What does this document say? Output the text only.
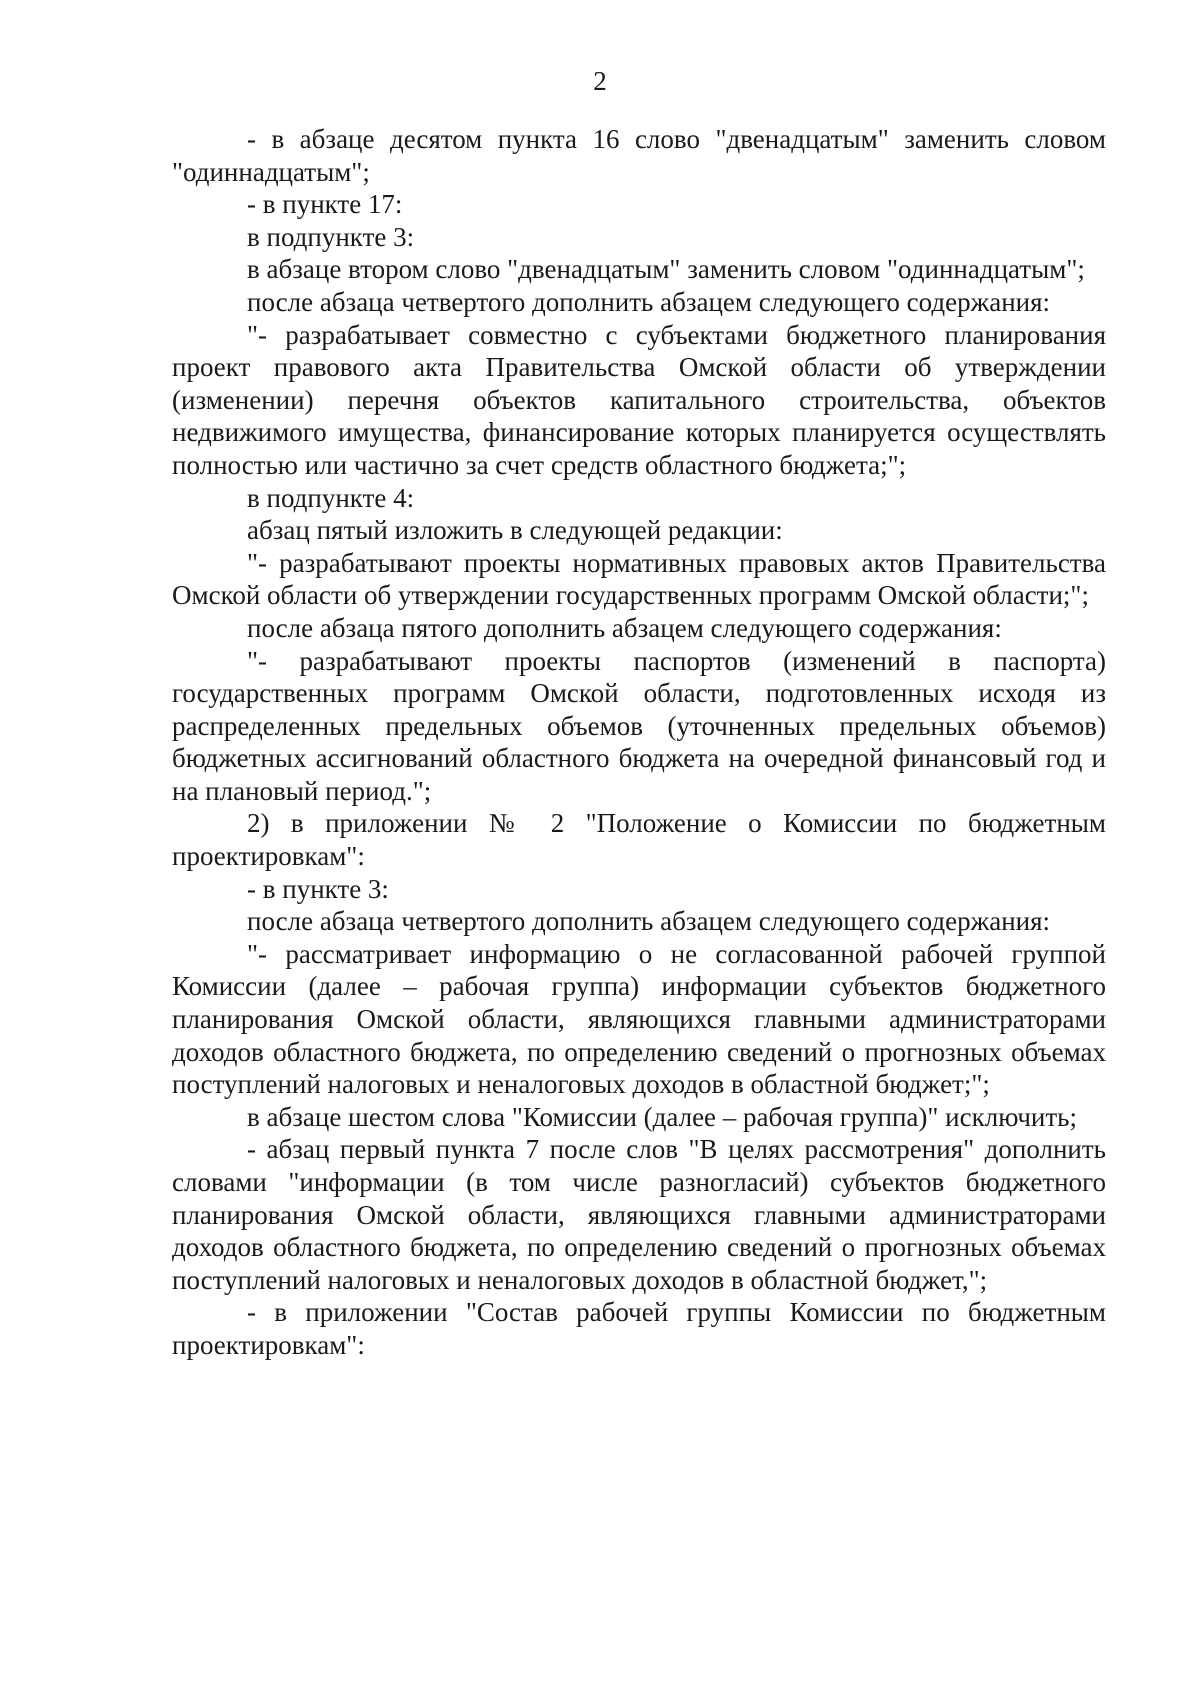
2

- в абзаце десятом пункта 16 слово "двенадцатым" заменить словом "одиннадцатым";

- в пункте 17:

в подпункте 3:

в абзаце втором слово "двенадцатым" заменить словом "одиннадцатым";

после абзаца четвертого дополнить абзацем следующего содержания:

"- разрабатывает совместно с субъектами бюджетного планирования проект правового акта Правительства Омской области об утверждении (изменении) перечня объектов капитального строительства, объектов недвижимого имущества, финансирование которых планируется осуществлять полностью или частично за счет средств областного бюджета;";

в подпункте 4:

абзац пятый изложить в следующей редакции:

"- разрабатывают проекты нормативных правовых актов Правительства Омской области об утверждении государственных программ Омской области;";

после абзаца пятого дополнить абзацем следующего содержания:

"- разрабатывают проекты паспортов (изменений в паспорта) государственных программ Омской области, подготовленных исходя из распределенных предельных объемов (уточненных предельных объемов) бюджетных ассигнований областного бюджета на очередной финансовый год и на плановый период.";

2) в приложении № 2 "Положение о Комиссии по бюджетным проектировкам":

- в пункте 3:

после абзаца четвертого дополнить абзацем следующего содержания:

"- рассматривает информацию о не согласованной рабочей группой Комиссии (далее – рабочая группа) информации субъектов бюджетного планирования Омской области, являющихся главными администраторами доходов областного бюджета, по определению сведений о прогнозных объемах поступлений налоговых и неналоговых доходов в областной бюджет;";

в абзаце шестом слова "Комиссии (далее – рабочая группа)" исключить;

- абзац первый пункта 7 после слов "В целях рассмотрения" дополнить словами "информации (в том числе разногласий) субъектов бюджетного планирования Омской области, являющихся главными администраторами доходов областного бюджета, по определению сведений о прогнозных объемах поступлений налоговых и неналоговых доходов в областной бюджет,";

- в приложении "Состав рабочей группы Комиссии по бюджетным проектировкам":
